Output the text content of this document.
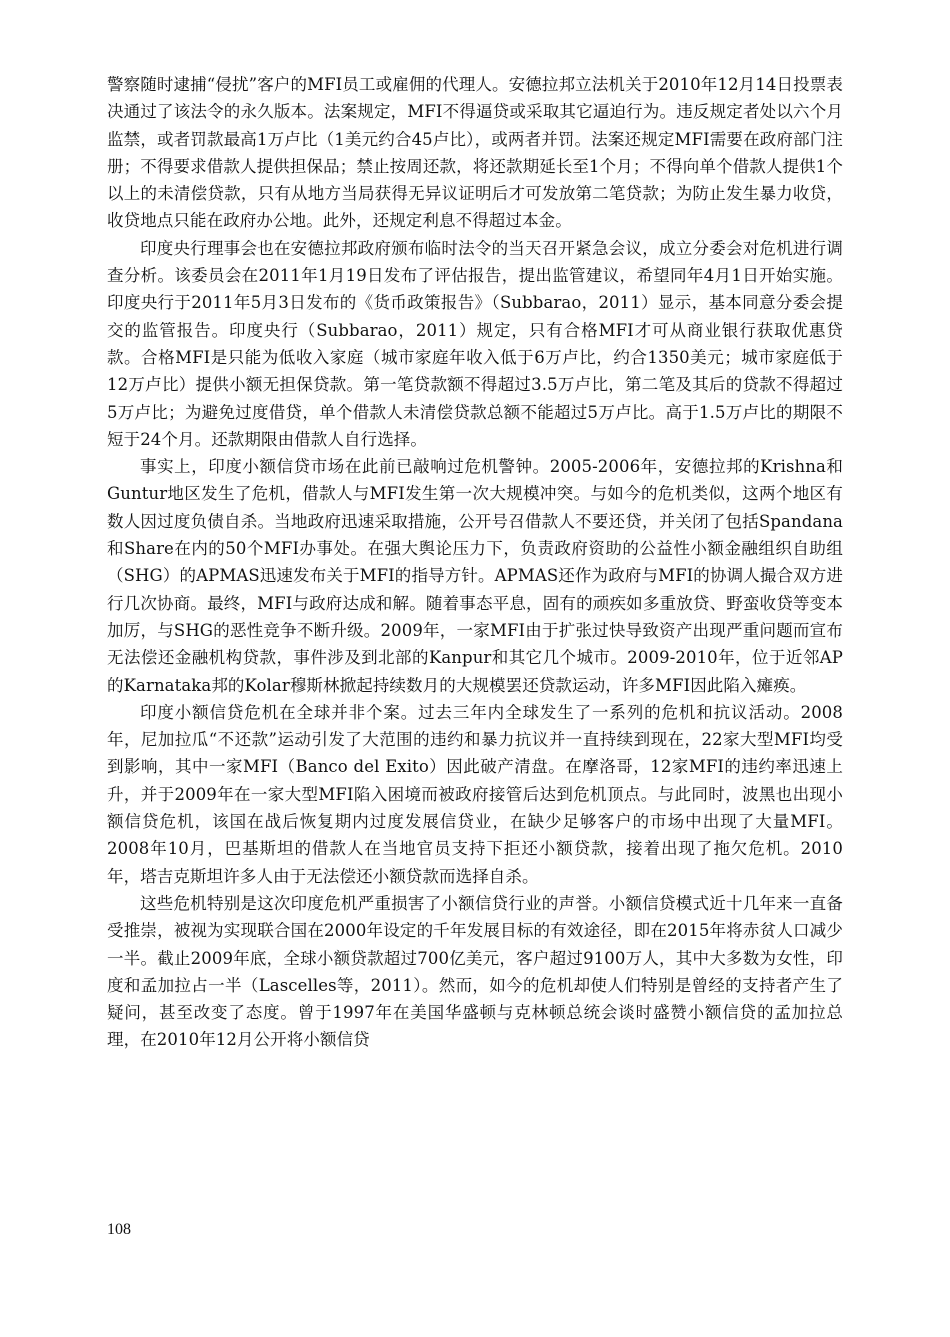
警察随时逮捕“侵扰”客户的MFI员工或雇佣的代理人。安德拉邦立法机关于2010年12月14日投票表决通过了该法令的永久版本。法案规定，MFI不得逼贷或采取其它逼迫行为。违反规定者处以六个月监禁，或者罚款最高1万卢比（1美元约合45卢比），或两者并罚。法案还规定MFI需要在政府部门注册；不得要求借款人提供担保品；禁止按周还款，将还款期延长至1个月；不得向单个借款人提供1个以上的未清偿贷款，只有从地方当局获得无异议证明后才可发放第二笔贷款；为防止发生暴力收贷，收贷地点只能在政府办公地。此外，还规定利息不得超过本金。

印度央行理事会也在安德拉邦政府颁布临时法令的当天召开紧急会议，成立分委会对危机进行调查分析。该委员会在2011年1月19日发布了评估报告，提出监管建议，希望同年4月1日开始实施。印度央行于2011年5月3日发布的《货币政策报告》（Subbarao，2011）显示，基本同意分委会提交的监管报告。印度央行（Subbarao，2011）规定，只有合格MFI才可从商业银行获取优惠贷款。合格MFI是只能为低收入家庭（城市家庭年收入低于6万卢比，约合1350美元；城市家庭低于12万卢比）提供小额无担保贷款。第一笔贷款额不得超过3.5万卢比，第二笔及其后的贷款不得超过5万卢比；为避免过度借贷，单个借款人未清偿贷款总额不能超过5万卢比。高于1.5万卢比的期限不短于24个月。还款期限由借款人自行选择。

事实上，印度小额信贷市场在此前已敲响过危机警钟。2005-2006年，安德拉邦的Krishna和Guntur地区发生了危机，借款人与MFI发生第一次大规模冲突。与如今的危机类似，这两个地区有数人因过度负债自杀。当地政府迅速采取措施，公开号召借款人不要还贷，并关闭了包括Spandana和Share在内的50个MFI办事处。在强大舆论压力下，负责政府资助的公益性小额金融组织自助组（SHG）的APMAS迅速发布关于MFI的指导方针。APMAS还作为政府与MFI的协调人撮合双方进行几次协商。最终，MFI与政府达成和解。随着事态平息，固有的顽疾如多重放贷、野蛮收贷等变本加厉，与SHG的恶性竞争不断升级。2009年，一家MFI由于扩张过快导致资产出现严重问题而宣布无法偿还金融机构贷款，事件涉及到北部的Kanpur和其它几个城市。2009-2010年，位于近邻AP的Karnataka邦的Kolar穆斯林掀起持续数月的大规模罢还贷款运动，许多MFI因此陷入瘫痪。

印度小额信贷危机在全球并非个案。过去三年内全球发生了一系列的危机和抗议活动。2008年，尼加拉瓜“不还款”运动引发了大范围的违约和暴力抗议并一直持续到现在，22家大型MFI均受到影响，其中一家MFI（Banco del Exito）因此破产清盘。在摩洛哥，12家MFI的违约率迅速上升，并于2009年在一家大型MFI陷入困境而被政府接管后达到危机顶点。与此同时，波黑也出现小额信贷危机，该国在战后恢复期内过度发展信贷业，在缺少足够客户的市场中出现了大量MFI。2008年10月，巴基斯坦的借款人在当地官员支持下拒还小额贷款，接着出现了拖欠危机。2010年，塔吉克斯坦许多人由于无法偿还小额贷款而选择自杀。

这些危机特别是这次印度危机严重损害了小额信贷行业的声誉。小额信贷模式近十几年来一直备受推崇，被视为实现联合国在2000年设定的千年发展目标的有效途径，即在2015年将赤贫人口减少一半。截止2009年底，全球小额贷款超过700亿美元，客户超过9100万人，其中大多数为女性，印度和孟加拉占一半（Lascelles等，2011）。然而，如今的危机却使人们特别是曾经的支持者产生了疑问，甚至改变了态度。曾于1997年在美国华盛顿与克林顿总统会谈时盛赞小额信贷的孟加拉总理，在2010年12月公开将小额信贷

108
